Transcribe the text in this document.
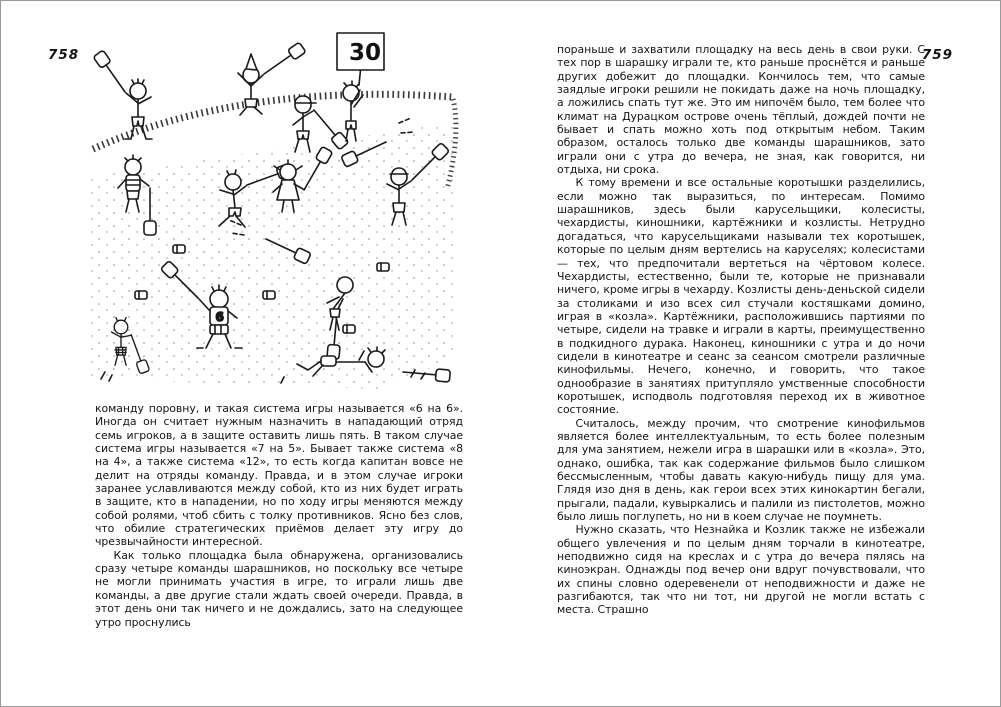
758	759
30
6

команду поровну, и такая система игры называется «6 на 6». Иногда он считает нужным назначить в нападающий отряд семь игроков, а в защите оставить лишь пять. В таком случае система игры называется «7 на 5». Бывает также система «8 на 4», а также система «12», то есть когда капитан вовсе не делит на отряды команду. Правда, и в этом случае игроки заранее уславливаются между собой, кто из них будет играть в защите, кто в нападении, но по ходу игры меняются между собой ролями, чтоб сбить с толку противников. Ясно без слов, что обилие стратегических приёмов делает эту игру до чрезвычайности интересной.

Как только площадка была обнаружена, организовались сразу четыре команды шарашников, но поскольку все четыре не могли принимать участия в игре, то играли лишь две команды, а две другие стали ждать своей очереди. Правда, в этот день они так ничего и не дождались, зато на следующее утро проснулись

пораньше и захватили площадку на весь день в свои руки. С тех пор в шарашку играли те, кто раньше проснётся и раньше других добежит до площадки. Кончилось тем, что самые заядлые игроки решили не покидать даже на ночь площадку, а ложились спать тут же. Это им нипочём было, тем более что климат на Дурацком острове очень тёплый, дождей почти не бывает и спать можно хоть под открытым небом. Таким образом, осталось только две команды шарашников, зато играли они с утра до вечера, не зная, как говорится, ни отдыха, ни срока.

К тому времени и все остальные коротышки разделились, если можно так выразиться, по интересам. Помимо шарашников, здесь были карусельщики, колесисты, чехардисты, киношники, картёжники и козлисты. Нетрудно догадаться, что карусельщиками называли тех коротышек, которые по целым дням вертелись на каруселях; колесистами — тех, что предпочитали вертеться на чёртовом колесе. Чехардисты, естественно, были те, которые не признавали ничего, кроме игры в чехарду. Козлисты день-деньской сидели за столиками и изо всех сил стучали костяшками домино, играя в «козла». Картёжники, расположившись партиями по четыре, сидели на травке и играли в карты, преимущественно в подкидного дурака. Наконец, киношники с утра и до ночи сидели в кинотеатре и сеанс за сеансом смотрели различные кинофильмы. Нечего, конечно, и говорить, что такое однообразие в занятиях притупляло умственные способности коротышек, исподволь подготовляя переход их в животное состояние.

Считалось, между прочим, что смотрение кинофильмов является более интеллектуальным, то есть более полезным для ума занятием, нежели игра в шарашки или в «козла». Это, однако, ошибка, так как содержание фильмов было слишком бессмысленным, чтобы давать какую-нибудь пищу для ума. Глядя изо дня в день, как герои всех этих кинокартин бегали, прыгали, падали, кувыркались и палили из пистолетов, можно было лишь поглупеть, но ни в коем случае не поумнеть.

Нужно сказать, что Незнайка и Козлик также не избежали общего увлечения и по целым дням торчали в кинотеатре, неподвижно сидя на креслах и с утра до вечера пялясь на киноэкран. Однажды под вечер они вдруг почувствовали, что их спины словно одеревенели от неподвижности и даже не разгибаются, так что ни тот, ни другой не могли встать с места. Страшно
